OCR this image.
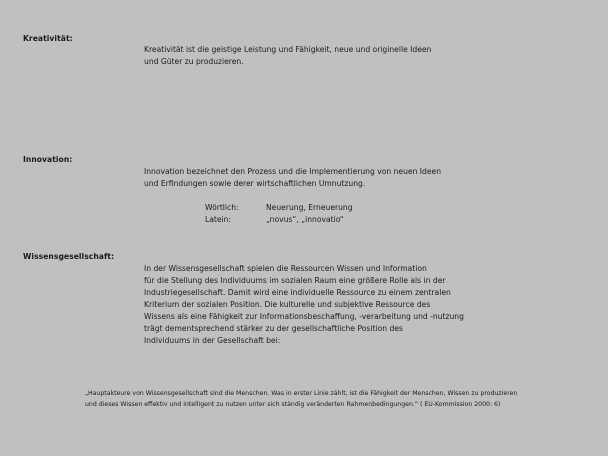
Kreativität:
Kreativität ist die geistige Leistung und Fähigkeit, neue und originelle Ideen
und Güter zu produzieren.
Innovation:
Innovation bezeichnet den Prozess und die Implementierung von neuen Ideen
und Erfindungen sowie derer wirtschaftlichen Umnutzung.
Wörtlich:	Neuerung, Erneuerung
Latein:	„novus“, „innovatio“
Wissensgesellschaft:
In der Wissensgesellschaft spielen die Ressourcen Wissen und Information
für die Stellung des Individuums im sozialen Raum eine größere Rolle als in der
Industriegesellschaft. Damit wird eine individuelle Ressource zu einem zentralen
Kriterium der sozialen Position. Die kulturelle und subjektive Ressource des
Wissens als eine Fähigkeit zur Informationsbeschaffung, -verarbeitung und -nutzung
trägt dementsprechend stärker zu der gesellschaftliche Position des
Individuums in der Gesellschaft bei:
„Hauptakteure von Wissensgesellschaft sind die Menschen. Was in erster Linie zählt, ist die Fähigkeit der Menschen, Wissen zu produzieren
und dieses Wissen effektiv und intelligent zu nutzen unter sich ständig veränderten Rahmenbedingungen.“ ( EU-Kommission 2000: 6)
